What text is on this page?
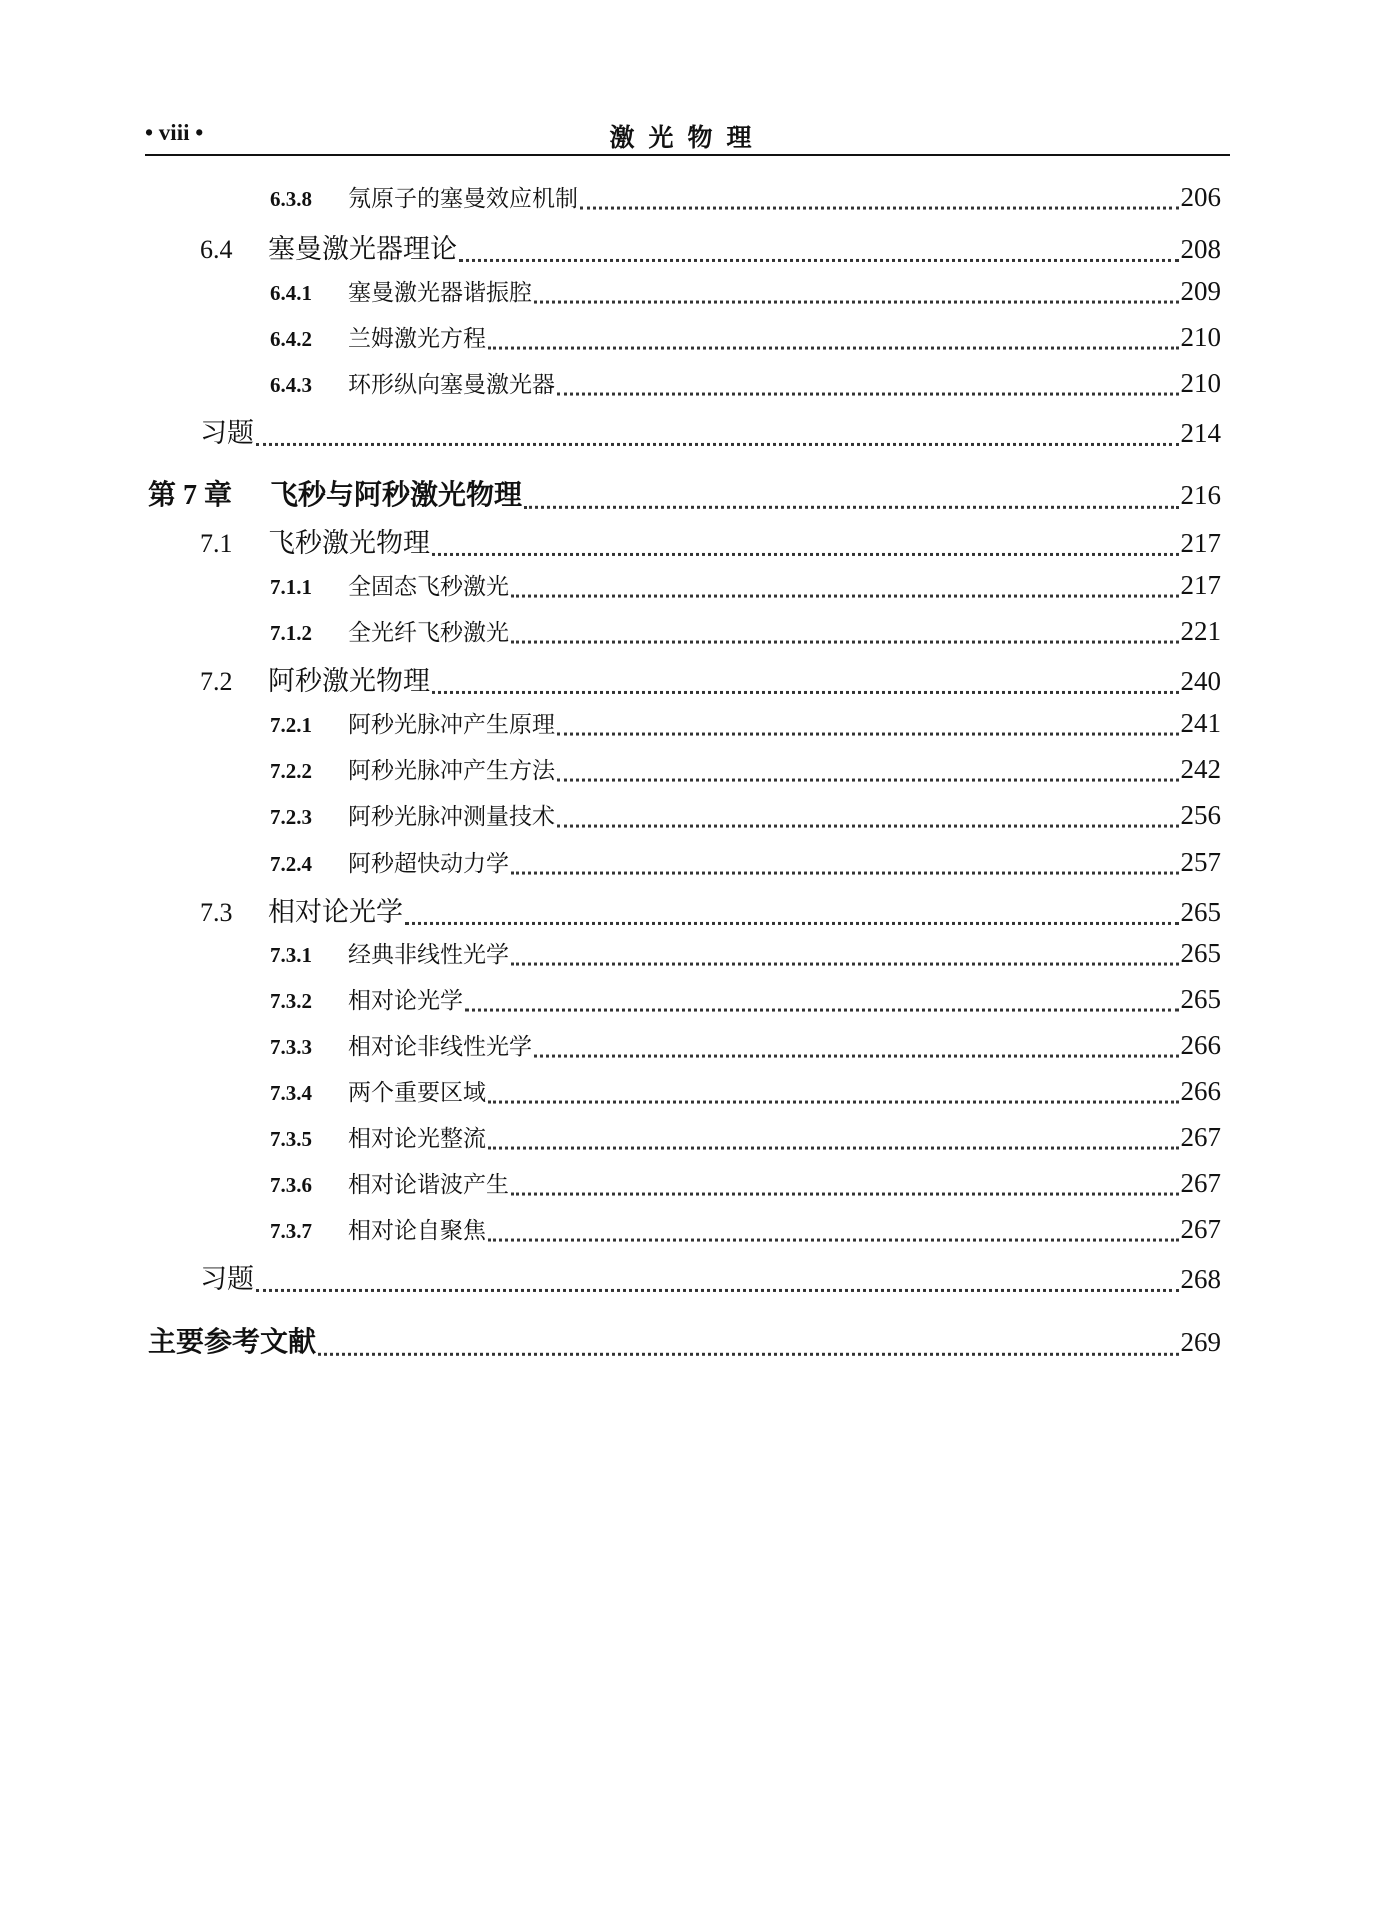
• viii •	激光物理
6.3.8	氖原子的塞曼效应机制	206
6.4	塞曼激光器理论	208
6.4.1	塞曼激光器谐振腔	209
6.4.2	兰姆激光方程	210
6.4.3	环形纵向塞曼激光器	210
习题	214
第 7 章	飞秒与阿秒激光物理	216
7.1	飞秒激光物理	217
7.1.1	全固态飞秒激光	217
7.1.2	全光纤飞秒激光	221
7.2	阿秒激光物理	240
7.2.1	阿秒光脉冲产生原理	241
7.2.2	阿秒光脉冲产生方法	242
7.2.3	阿秒光脉冲测量技术	256
7.2.4	阿秒超快动力学	257
7.3	相对论光学	265
7.3.1	经典非线性光学	265
7.3.2	相对论光学	265
7.3.3	相对论非线性光学	266
7.3.4	两个重要区域	266
7.3.5	相对论光整流	267
7.3.6	相对论谐波产生	267
7.3.7	相对论自聚焦	267
习题	268
主要参考文献	269
